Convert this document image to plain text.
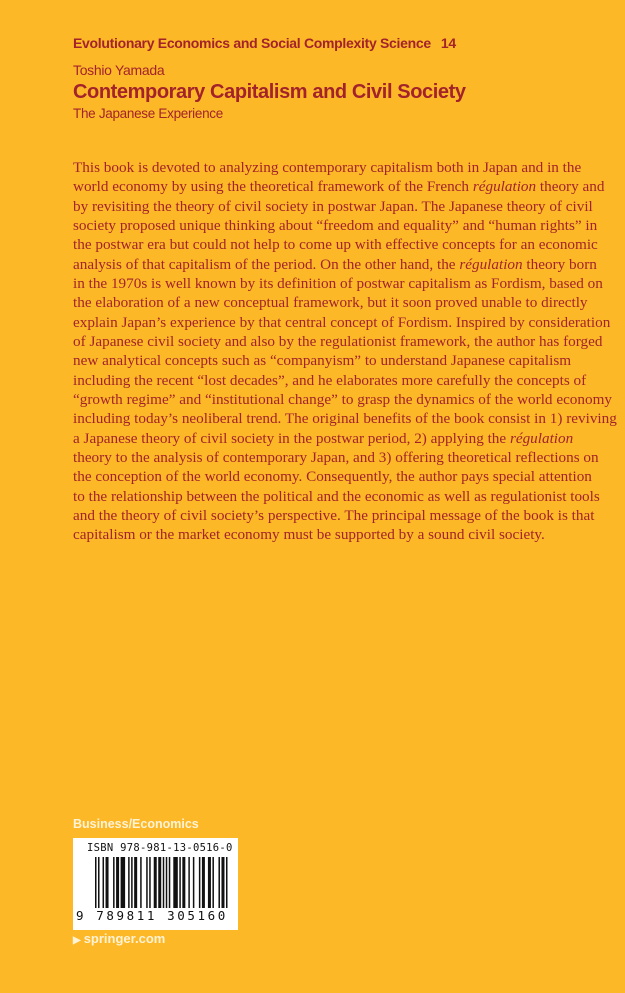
Evolutionary Economics and Social Complexity Science 14
Toshio Yamada
Contemporary Capitalism and Civil Society
The Japanese Experience
This book is devoted to analyzing contemporary capitalism both in Japan and in the
world economy by using the theoretical framework of the French régulation theory and
by revisiting the theory of civil society in postwar Japan. The Japanese theory of civil
society proposed unique thinking about “freedom and equality” and “human rights” in
the postwar era but could not help to come up with effective concepts for an economic
analysis of that capitalism of the period. On the other hand, the régulation theory born
in the 1970s is well known by its definition of postwar capitalism as Fordism, based on
the elaboration of a new conceptual framework, but it soon proved unable to directly
explain Japan’s experience by that central concept of Fordism. Inspired by consideration
of Japanese civil society and also by the regulationist framework, the author has forged
new analytical concepts such as “companyism” to understand Japanese capitalism
including the recent “lost decades”, and he elaborates more carefully the concepts of
“growth regime” and “institutional change” to grasp the dynamics of the world economy
including today’s neoliberal trend. The original benefits of the book consist in 1) reviving
a Japanese theory of civil society in the postwar period, 2) applying the régulation
theory to the analysis of contemporary Japan, and 3) offering theoretical reflections on
the conception of the world economy. Consequently, the author pays special attention
to the relationship between the political and the economic as well as regulationist tools
and the theory of civil society’s perspective. The principal message of the book is that
capitalism or the market economy must be supported by a sound civil society.
Business/Economics
ISBN 978-981-13-0516-0
9 789811 305160
▶ springer.com
